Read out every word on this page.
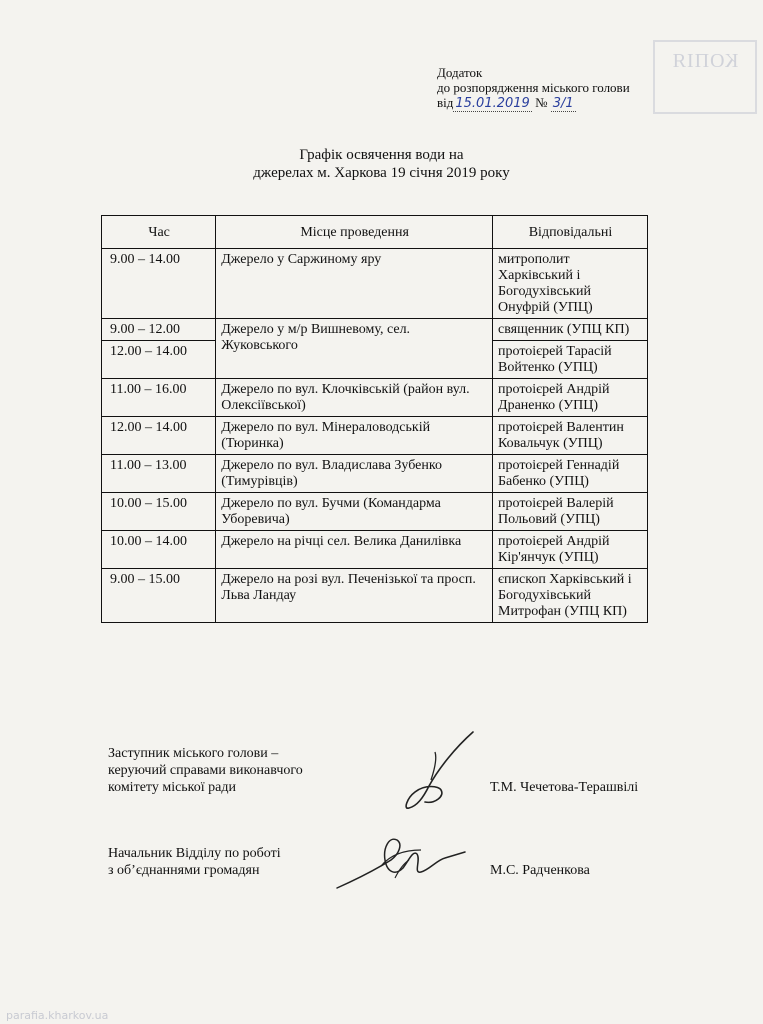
КОПІЯ
Додаток
до розпорядження міського голови
від 15.01.2019 № 3/1
Графік освячення води на
джерелах м. Харкова 19 січня 2019 року
Час	Місце проведення	Відповідальні
9.00 – 14.00	Джерело у Саржиному яру	митрополит Харківський і Богодухівський Онуфрій (УПЦ)
9.00 – 12.00	Джерело у м/р Вишневому, сел. Жуковського	священник (УПЦ КП)
12.00 – 14.00		протоієрей Тарасій Войтенко (УПЦ)
11.00 – 16.00	Джерело по вул. Клочківській (район вул. Олексіївської)	протоієрей Андрій Драненко (УПЦ)
12.00 – 14.00	Джерело по вул. Мінераловодській (Тюринка)	протоієрей Валентин Ковальчук (УПЦ)
11.00 – 13.00	Джерело по вул. Владислава Зубенко (Тимурівців)	протоієрей Геннадій Бабенко (УПЦ)
10.00 – 15.00	Джерело по вул. Бучми (Командарма Уборевича)	протоієрей Валерій Польовий (УПЦ)
10.00 – 14.00	Джерело на річці сел. Велика Данилівка	протоієрей Андрій Кір'янчук (УПЦ)
9.00 – 15.00	Джерело на розі вул. Печенізької та просп. Льва Ландау	єпископ Харківський і Богодухівський Митрофан (УПЦ КП)
Заступник міського голови –
керуючий справами виконавчого
комітету міської ради	Т.М. Чечетова-Терашвілі
Начальник Відділу по роботі
з об’єднаннями громадян	М.С. Радченкова
parafia.kharkov.ua
